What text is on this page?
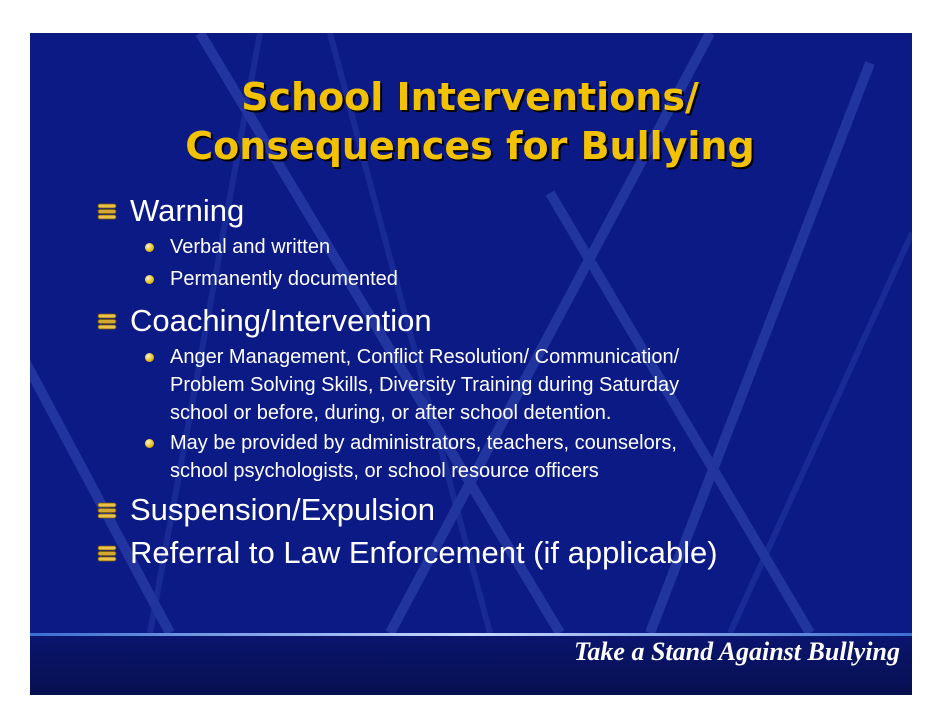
School Interventions/
Consequences for Bullying
Warning
Verbal and written
Permanently documented
Coaching/Intervention
Anger Management, Conflict Resolution/ Communication/
Problem Solving Skills, Diversity Training during Saturday
school or before, during, or after school detention.
May be provided by administrators, teachers, counselors,
school psychologists, or school resource officers
Suspension/Expulsion
Referral to Law Enforcement (if applicable)
Take a Stand Against Bullying
